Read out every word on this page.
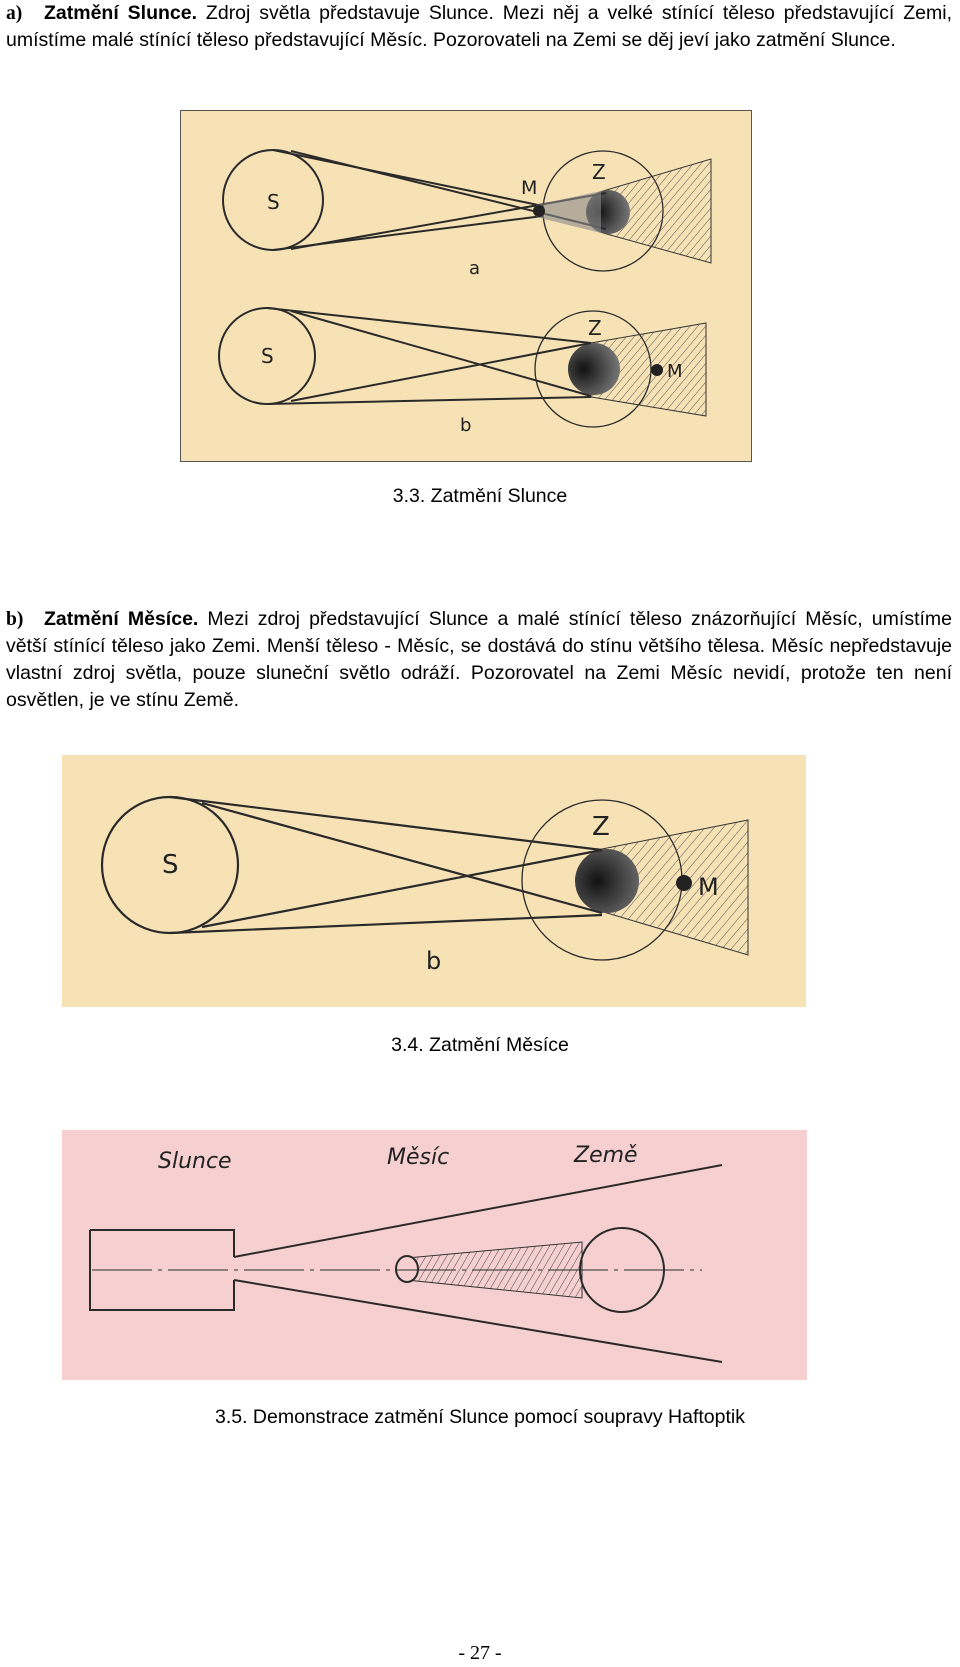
a) Zatmění Slunce. Zdroj světla představuje Slunce. Mezi něj a velké stínící těleso představující Zemi, umístíme malé stínící těleso představující Měsíc. Pozorovateli na Zemi se děj jeví jako zatmění Slunce.
S
M
Z
a
S
Z
M
b
3.3. Zatmění Slunce
b) Zatmění Měsíce. Mezi zdroj představující Slunce a malé stínící těleso znázorňující Měsíc, umístíme větší stínící těleso jako Zemi. Menší těleso - Měsíc, se dostává do stínu většího tělesa. Měsíc nepředstavuje vlastní zdroj světla, pouze sluneční světlo odráží. Pozorovatel na Zemi Měsíc nevidí, protože ten není osvětlen, je ve stínu Země.
S
Z
M
b
3.4. Zatmění Měsíce
Slunce	Měsíc	Země
3.5. Demonstrace zatmění Slunce pomocí soupravy Haftoptik
- 27 -
